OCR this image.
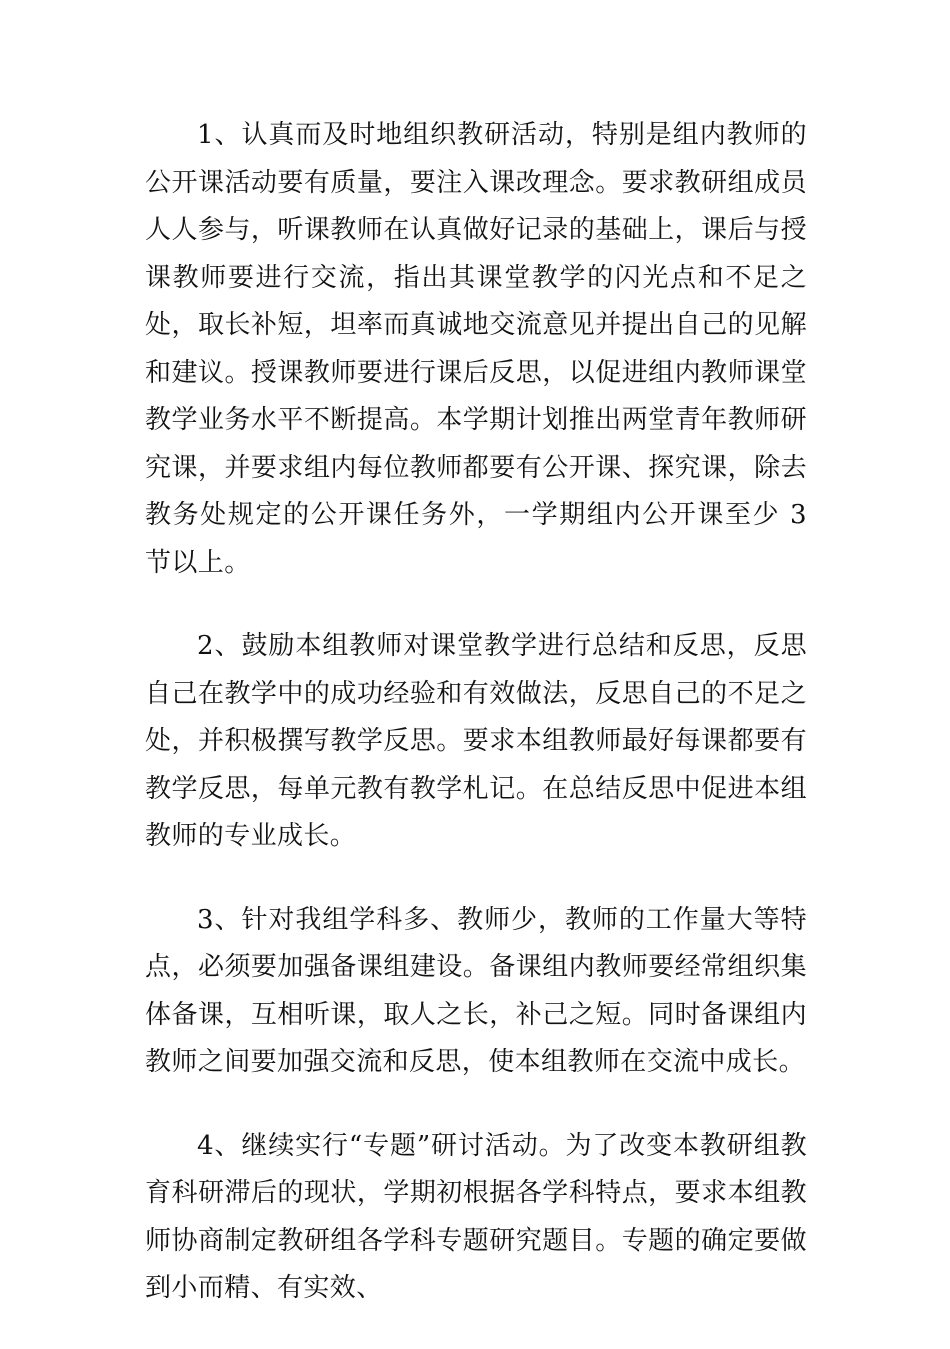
1、认真而及时地组织教研活动，特别是组内教师的公开课活动要有质量，要注入课改理念。要求教研组成员人人参与，听课教师在认真做好记录的基础上，课后与授课教师要进行交流，指出其课堂教学的闪光点和不足之处，取长补短，坦率而真诚地交流意见并提出自己的见解和建议。授课教师要进行课后反思，以促进组内教师课堂教学业务水平不断提高。本学期计划推出两堂青年教师研究课，并要求组内每位教师都要有公开课、探究课，除去教务处规定的公开课任务外，一学期组内公开课至少 3 节以上。

2、鼓励本组教师对课堂教学进行总结和反思，反思自己在教学中的成功经验和有效做法，反思自己的不足之处，并积极撰写教学反思。要求本组教师最好每课都要有教学反思，每单元教有教学札记。在总结反思中促进本组教师的专业成长。

3、针对我组学科多、教师少，教师的工作量大等特点，必须要加强备课组建设。备课组内教师要经常组织集体备课，互相听课，取人之长，补己之短。同时备课组内教师之间要加强交流和反思，使本组教师在交流中成长。

4、继续实行“专题”研讨活动。为了改变本教研组教育科研滞后的现状，学期初根据各学科特点，要求本组教师协商制定教研组各学科专题研究题目。专题的确定要做到小而精、有实效、
